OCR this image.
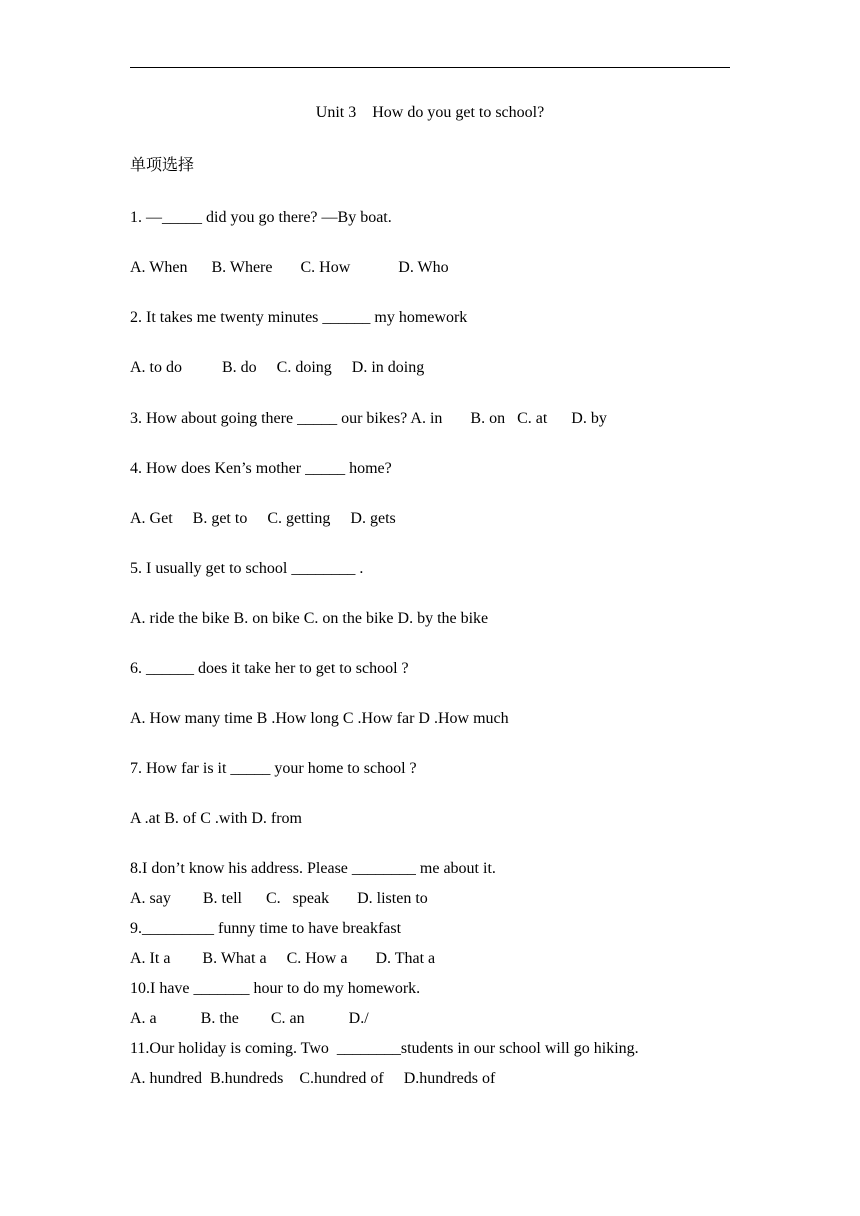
Unit 3    How do you get to school?
单项选择
1. —_____ did you go there? —By boat.
A. When      B. Where       C. How            D. Who
2. It takes me twenty minutes ______ my homework
A. to do          B. do     C. doing     D. in doing
3. How about going there _____ our bikes? A. in       B. on   C. at      D. by
4. How does Ken’s mother _____ home?
A. Get     B. get to     C. getting     D. gets
5. I usually get to school ________ .
A. ride the bike B. on bike C. on the bike D. by the bike
6. ______ does it take her to get to school ?
A. How many time B .How long C .How far D .How much
7. How far is it _____ your home to school ?
A .at B. of C .with D. from
8.I don’t know his address. Please ________ me about it.
A. say        B. tell      C.   speak       D. listen to
9._________ funny time to have breakfast
A. It a        B. What a     C. How a       D. That a
10.I have _______ hour to do my homework.
A. a           B. the        C. an           D./
11.Our holiday is coming. Two  ________students in our school will go hiking.
A. hundred  B.hundreds    C.hundred of     D.hundreds of
